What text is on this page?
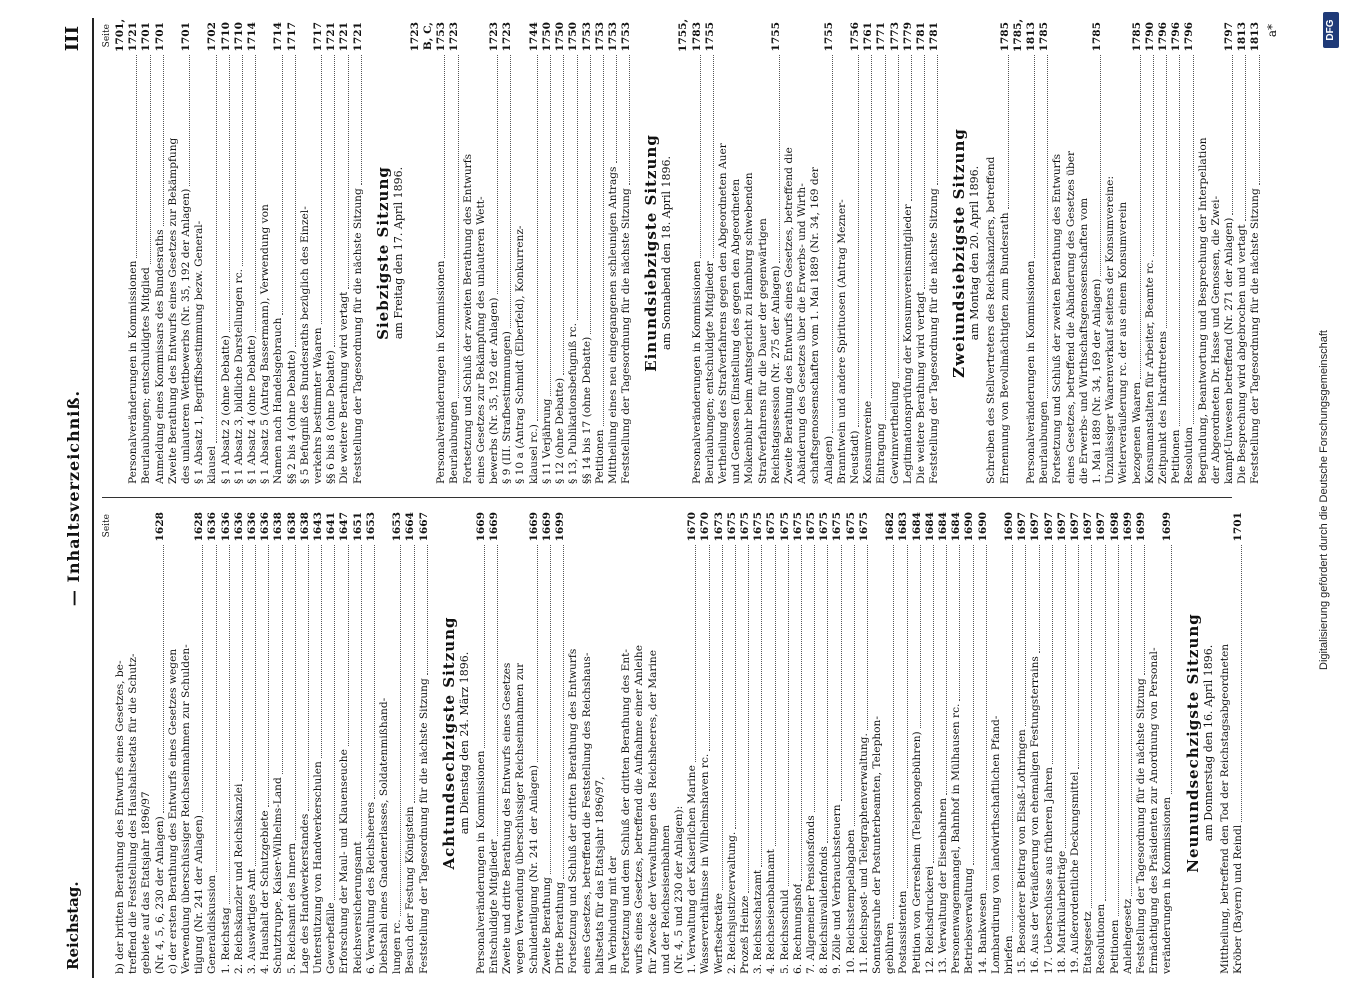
Reichstag.
— Inhaltsverzeichniß.
III
Seite
b) der britten Berathung des Entwurfs eines Gesetzes, be- treffend die Feststellung des Haushaltsetats für die Schutz- gebiete auf das Etatsjahr 1896/97 (Nr. 4, 5, 6, 230 der Anlagen)
1628
c) der ersten Berathung des Entwurfs eines Gesetzes wegen Verwendung überschüssiger Reichseinnahmen zur Schulden- tilgung (Nr. 241 der Anlagen)
1628
Generaldiskussion
1636
1. Reichstag
1636
2. Reichskanzler und Reichskanzlei
1636
3. Auswärtiges Amt
1636
4. Haushalt der Schutzgebiete
1636
Schutztruppe, Kaiser-Wilhelms-Land
1638
5. Reichsamt des Innern
1638
Lage des Handwerkerstandes
1638
Unterstützung von Handwerkerschulen
1643
Gewerbefälle
1641
Erforschung der Maul- und Klauenseuche
1647
Reichsversicherungsamt
1651
6. Verwaltung des Reichsheeres
1653
Diebstahl eines Gnadenerlasses, Soldatenmißhand- lungen rc.
1653
Besuch der Festung Königstein
1664
Feststellung der Tagesordnung für die nächste Sitzung
1667
Achtundsechzigste Sitzung am Dienstag den 24. März 1896.
Personalveränderungen in Kommissionen
1669
Entschuldigte Mitglieder
1669
Zweite und dritte Berathung des Entwurfs eines Gesetzes wegen Verwendung überschüssiger Reichseinnahmen zur Schuldentilgung (Nr. 241 der Anlagen)
1669
Zweite Berathung
1669
Dritte Berathung
1699
Fortsetzung und Schluß der dritten Berathung des Entwurfs eines Gesetzes, betreffend die Feststellung des Reichshaus- haltsetats für das Etatsjahr 1896/97, in Verbindung mit der Fortsetzung und dem Schluß der dritten Berathung des Ent- wurfs eines Gesetzes, betreffend die Aufnahme einer Anleihe für Zwecke der Verwaltungen des Reichsheeres, der Marine und der Reichseisenbahnen (Nr. 4, 5 und 230 der Anlagen): 1. Verwaltung der Kaiserlichen Marine
1670
Wasserverhältnisse in Wilhelmshaven rc.
1670
Werftsekretäre
1673
2. Reichsjustizverwaltung.
1675
Prozeß Heinze
1675
3. Reichsschatzamt
1675
4. Reichseisenbahnamt
1675
5. Reichsschuld
1675
6. Rechnungshof
1675
7. Allgemeiner Pensionsfonds
1675
8. Reichsinvalidenfonds
1675
9. Zölle und Verbrauchssteuern
1675
10. Reichsstempelabgaben
1675
11. Reichspost- und Telegraphenverwaltung.
1675
Sonntagsruhe der Postunterbeamten, Telephon- gebühren
1682
Postassistenten
1683
Petition von Gerresheim (Telephongebühren)
1684
12. Reichsdruckerei
1684
13. Verwaltung der Eisenbahnen
1684
Personenwagenmangel, Bahnhof in Mülhausen rc.
1684
Betriebsverwaltung
1690
14. Bankwesen
1690
Lombardirung von landwirthschaftlichen Pfand- briefen
1690
15. Besonderer Beitrag von Elsaß-Lothringen
1697
16. Aus der Veräußerung von ehemaligen Festungsterrains
1697
17. Ueberschüsse aus früheren Jahren
1697
18. Matrikularbeiträge
1697
19. Außerordentliche Deckungsmittel
1697
Etatsgesetz
1697
Resolutionen
1697
Petitionen
1698
Anleihegesetz
1699
Feststellung der Tagesordnung für die nächste Sitzung
1699
Ermächtigung des Präsidenten zur Anordnung von Personal- veränderungen in Kommissionen
1699
Neunundsechzigste Sitzung am Donnerstag den 16. April 1896. Mittheilung, betreffend den Tod der Reichstagsabgeordneten Kröber (Bayern) und Reindl
1701
Seite
Personalveränderungen in Kommissionen
1701, 1721
Beurlaubungen; entschuldigtes Mitglied
1701
Anmeldung eines Kommissars des Bundesraths
1701
Zweite Berathung des Entwurfs eines Gesetzes zur Bekämpfung des unlauteren Wettbewerbs (Nr. 35, 192 der Anlagen)
1701
§ 1 Absatz 1, Begriffsbestimmung bezw. General- klausel
1702
§ 1 Absatz 2 (ohne Debatte)
1710
§ 1 Absatz 3, bildliche Darstellungen rc.
1710
§ 1 Absatz 4 (ohne Debatte)
1714
§ 1 Absatz 5 (Antrag Bassermann), Verwendung von Namen nach Handelsgebrauch
1714
§§ 2 bis 4 (ohne Debatte)
1717
§ 5 Befugniß des Bundesraths bezüglich des Einzel- verkehrs bestimmter Waaren
1717
§§ 6 bis 8 (ohne Debatte)
1721
Die weitere Berathung wird vertagt
1721
Feststellung der Tagesordnung für die nächste Sitzung
1721
Siebzigste Sitzung am Freitag den 17. April 1896.
Personalveränderungen in Kommissionen
1723 B, C, 1753
Beurlaubungen
1723
Fortsetzung und Schluß der zweiten Berathung des Entwurfs eines Gesetzes zur Bekämpfung des unlauteren Wett- bewerbs (Nr. 35, 192 der Anlagen)
1723
§ 9 (III. Strafbestimmungen)
1723
§ 10 a (Antrag Schmidt (Elberfeld), Konkurrenz- klausel rc.)
1744
§ 11 Verjährung
1750
§ 12 (ohne Debatte)
1750
§ 13, Publikationsbefugniß rc.
1750
§§ 14 bis 17 (ohne Debatte)
1753
Petitionen
1753
Mittheilung eines neu eingegangenen schleunigen Antrags
1753
Feststellung der Tagesordnung für die nächste Sitzung
1753
Einundsiebzigste Sitzung am Sonnabend den 18. April 1896.
Personalveränderungen in Kommissionen
1755, 1783
Beurlaubungen; entschuldigte Mitglieder
1755
Vertheilung des Strafverfahrens gegen den Abgeordneten Auer und Genossen (Einstellung des gegen den Abgeordneten Molkenbuhr beim Amtsgericht zu Hamburg schwebenden Strafverfahrens für die Dauer der gegenwärtigen Reichstagssession (Nr. 275 der Anlagen)
1755
Zweite Berathung des Entwurfs eines Gesetzes, betreffend die Abänderung des Gesetzes über die Erwerbs- und Wirth- schaftsgenossenschaften vom 1. Mai 1889 (Nr. 34, 169 der Anlagen)
1755
Branntwein und andere Spirituosen (Antrag Mezner- Neustadt)
1756
Konsumvereine
1761
Eintragung
1771
Gewinnvertheilung
1773
Legitimationsprüfung der Konsumvereinsmitglieder
1779
Die weitere Berathung wird vertagt
1781
Feststellung der Tagesordnung für die nächste Sitzung
1781
Zweiundsiebzigste Sitzung am Montag den 20. April 1896. Schreiben des Stellvertreters des Reichskanzlers, betreffend Ernennung von Bevollmächtigten zum Bundesrath
1785
Personalveränderungen in Kommissionen
1785, 1813
Beurlaubungen
1785
Fortsetzung und Schluß der zweiten Berathung des Entwurfs eines Gesetzes, betreffend die Abänderung des Gesetzes über die Erwerbs- und Wirthschaftsgenossenschaften vom 1. Mai 1889 (Nr. 34, 169 der Anlagen)
1785
Unzulässiger Waarenverkauf seitens der Konsumvereine: Weiterveräußerung rc. der aus einem Konsumverein bezogenen Waaren
1785
Konsumanstalten für Arbeiter, Beamte rc.
1790
Zeitpunkt des Inkrafttretens
1796
Petitionen
1796
Resolution
1796
Begründung, Beantwortung und Besprechung der Interpellation der Abgeordneten Dr. Hasse und Genossen, die Zwei- kampf-Unwesen betreffend (Nr. 271 der Anlagen)
1797
Die Besprechung wird abgebrochen und vertagt
1813
Feststellung der Tagesordnung für die nächste Sitzung
1813 a*
Digitalisierung gefördert durch die Deutsche Forschungsgemeinschaft
DFG
